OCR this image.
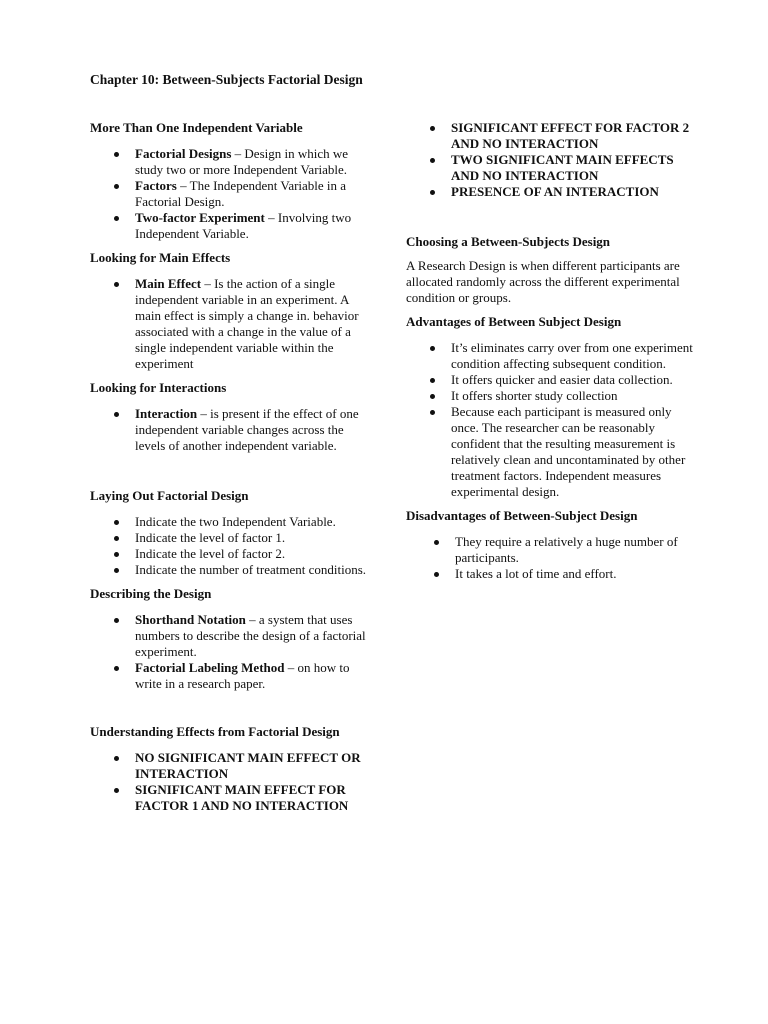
Chapter 10: Between-Subjects Factorial Design
More Than One Independent Variable
Factorial Designs – Design in which we study two or more Independent Variable.
Factors – The Independent Variable in a Factorial Design.
Two-factor Experiment – Involving two Independent Variable.
Looking for Main Effects
Main Effect – Is the action of a single independent variable in an experiment. A main effect is simply a change in. behavior associated with a change in the value of a single independent variable within the experiment
Looking for Interactions
Interaction – is present if the effect of one independent variable changes across the levels of another independent variable.
Laying Out Factorial Design
Indicate the two Independent Variable.
Indicate the level of factor 1.
Indicate the level of factor 2.
Indicate the number of treatment conditions.
Describing the Design
Shorthand Notation – a system that uses numbers to describe the design of a factorial experiment.
Factorial Labeling Method – on how to write in a research paper.
Understanding Effects from Factorial Design
NO SIGNIFICANT MAIN EFFECT OR INTERACTION
SIGNIFICANT MAIN EFFECT FOR FACTOR 1 AND NO INTERACTION
SIGNIFICANT EFFECT FOR FACTOR 2 AND NO INTERACTION
TWO SIGNIFICANT MAIN EFFECTS AND NO INTERACTION
PRESENCE OF AN INTERACTION
Choosing a Between-Subjects Design
A Research Design is when different participants are allocated randomly across the different experimental condition or groups.
Advantages of Between Subject Design
It’s eliminates carry over from one experiment condition affecting subsequent condition.
It offers quicker and easier data collection.
It offers shorter study collection
Because each participant is measured only once. The researcher can be reasonably confident that the resulting measurement is relatively clean and uncontaminated by other treatment factors. Independent measures experimental design.
Disadvantages of Between-Subject Design
They require a relatively a huge number of participants.
It takes a lot of time and effort.
